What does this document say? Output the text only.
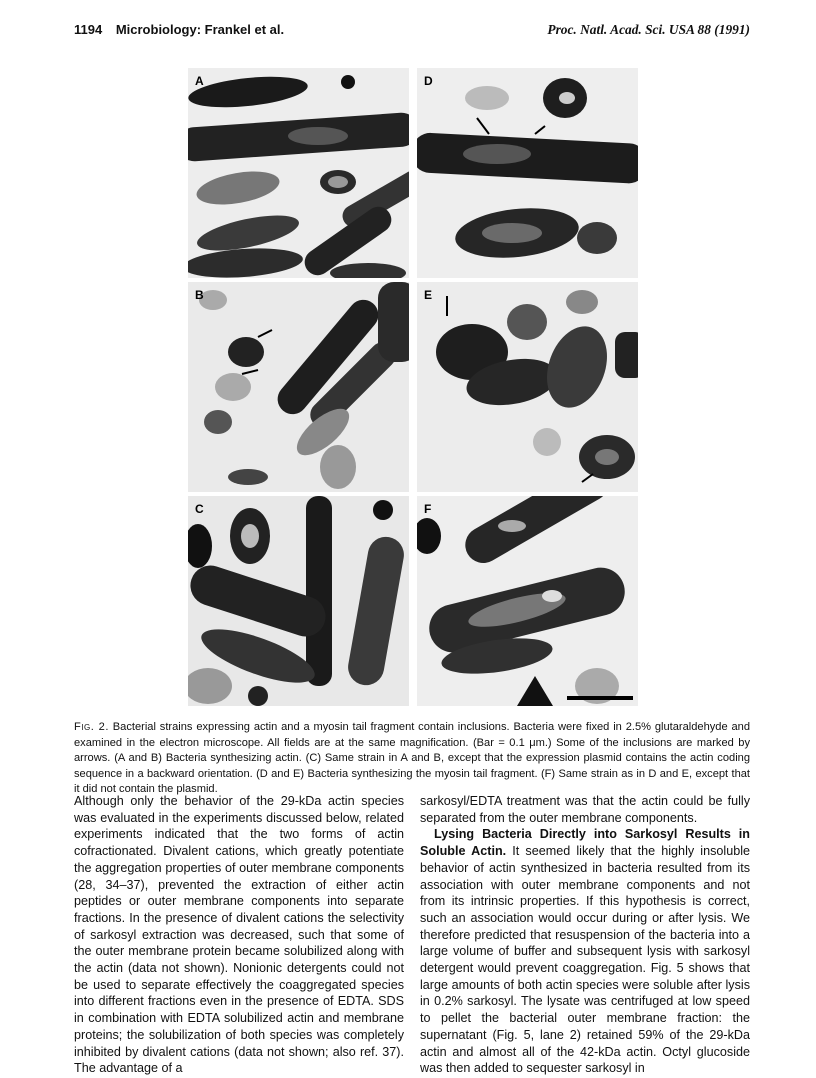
1194 Microbiology: Frankel et al.	Proc. Natl. Acad. Sci. USA 88 (1991)
A	D
B	E
C	F
Fig. 2. Bacterial strains expressing actin and a myosin tail fragment contain inclusions. Bacteria were fixed in 2.5% glutaraldehyde and examined in the electron microscope. All fields are at the same magnification. (Bar = 0.1 μm.) Some of the inclusions are marked by arrows. (A and B) Bacteria synthesizing actin. (C) Same strain in A and B, except that the expression plasmid contains the actin coding sequence in a backward orientation. (D and E) Bacteria synthesizing the myosin tail fragment. (F) Same strain as in D and E, except that it did not contain the plasmid.

Although only the behavior of the 29-kDa actin species was evaluated in the experiments discussed below, related experiments indicated that the two forms of actin cofractionated. Divalent cations, which greatly potentiate the aggregation properties of outer membrane components (28, 34–37), prevented the extraction of either actin peptides or outer membrane components into separate fractions. In the presence of divalent cations the selectivity of sarkosyl extraction was decreased, such that some of the outer membrane protein became solubilized along with the actin (data not shown). Nonionic detergents could not be used to separate effectively the coaggregated species into different fractions even in the presence of EDTA. SDS in combination with EDTA solubilized actin and membrane proteins; the solubilization of both species was completely inhibited by divalent cations (data not shown; also ref. 37). The advantage of a

sarkosyl/EDTA treatment was that the actin could be fully separated from the outer membrane components.

Lysing Bacteria Directly into Sarkosyl Results in Soluble Actin. It seemed likely that the highly insoluble behavior of actin synthesized in bacteria resulted from its association with outer membrane components and not from its intrinsic properties. If this hypothesis is correct, such an association would occur during or after lysis. We therefore predicted that resuspension of the bacteria into a large volume of buffer and subsequent lysis with sarkosyl detergent would prevent coaggregation. Fig. 5 shows that large amounts of both actin species were soluble after lysis in 0.2% sarkosyl. The lysate was centrifuged at low speed to pellet the bacterial outer membrane fraction: the supernatant (Fig. 5, lane 2) retained 59% of the 29-kDa actin and almost all of the 42-kDa actin. Octyl glucoside was then added to sequester sarkosyl in
